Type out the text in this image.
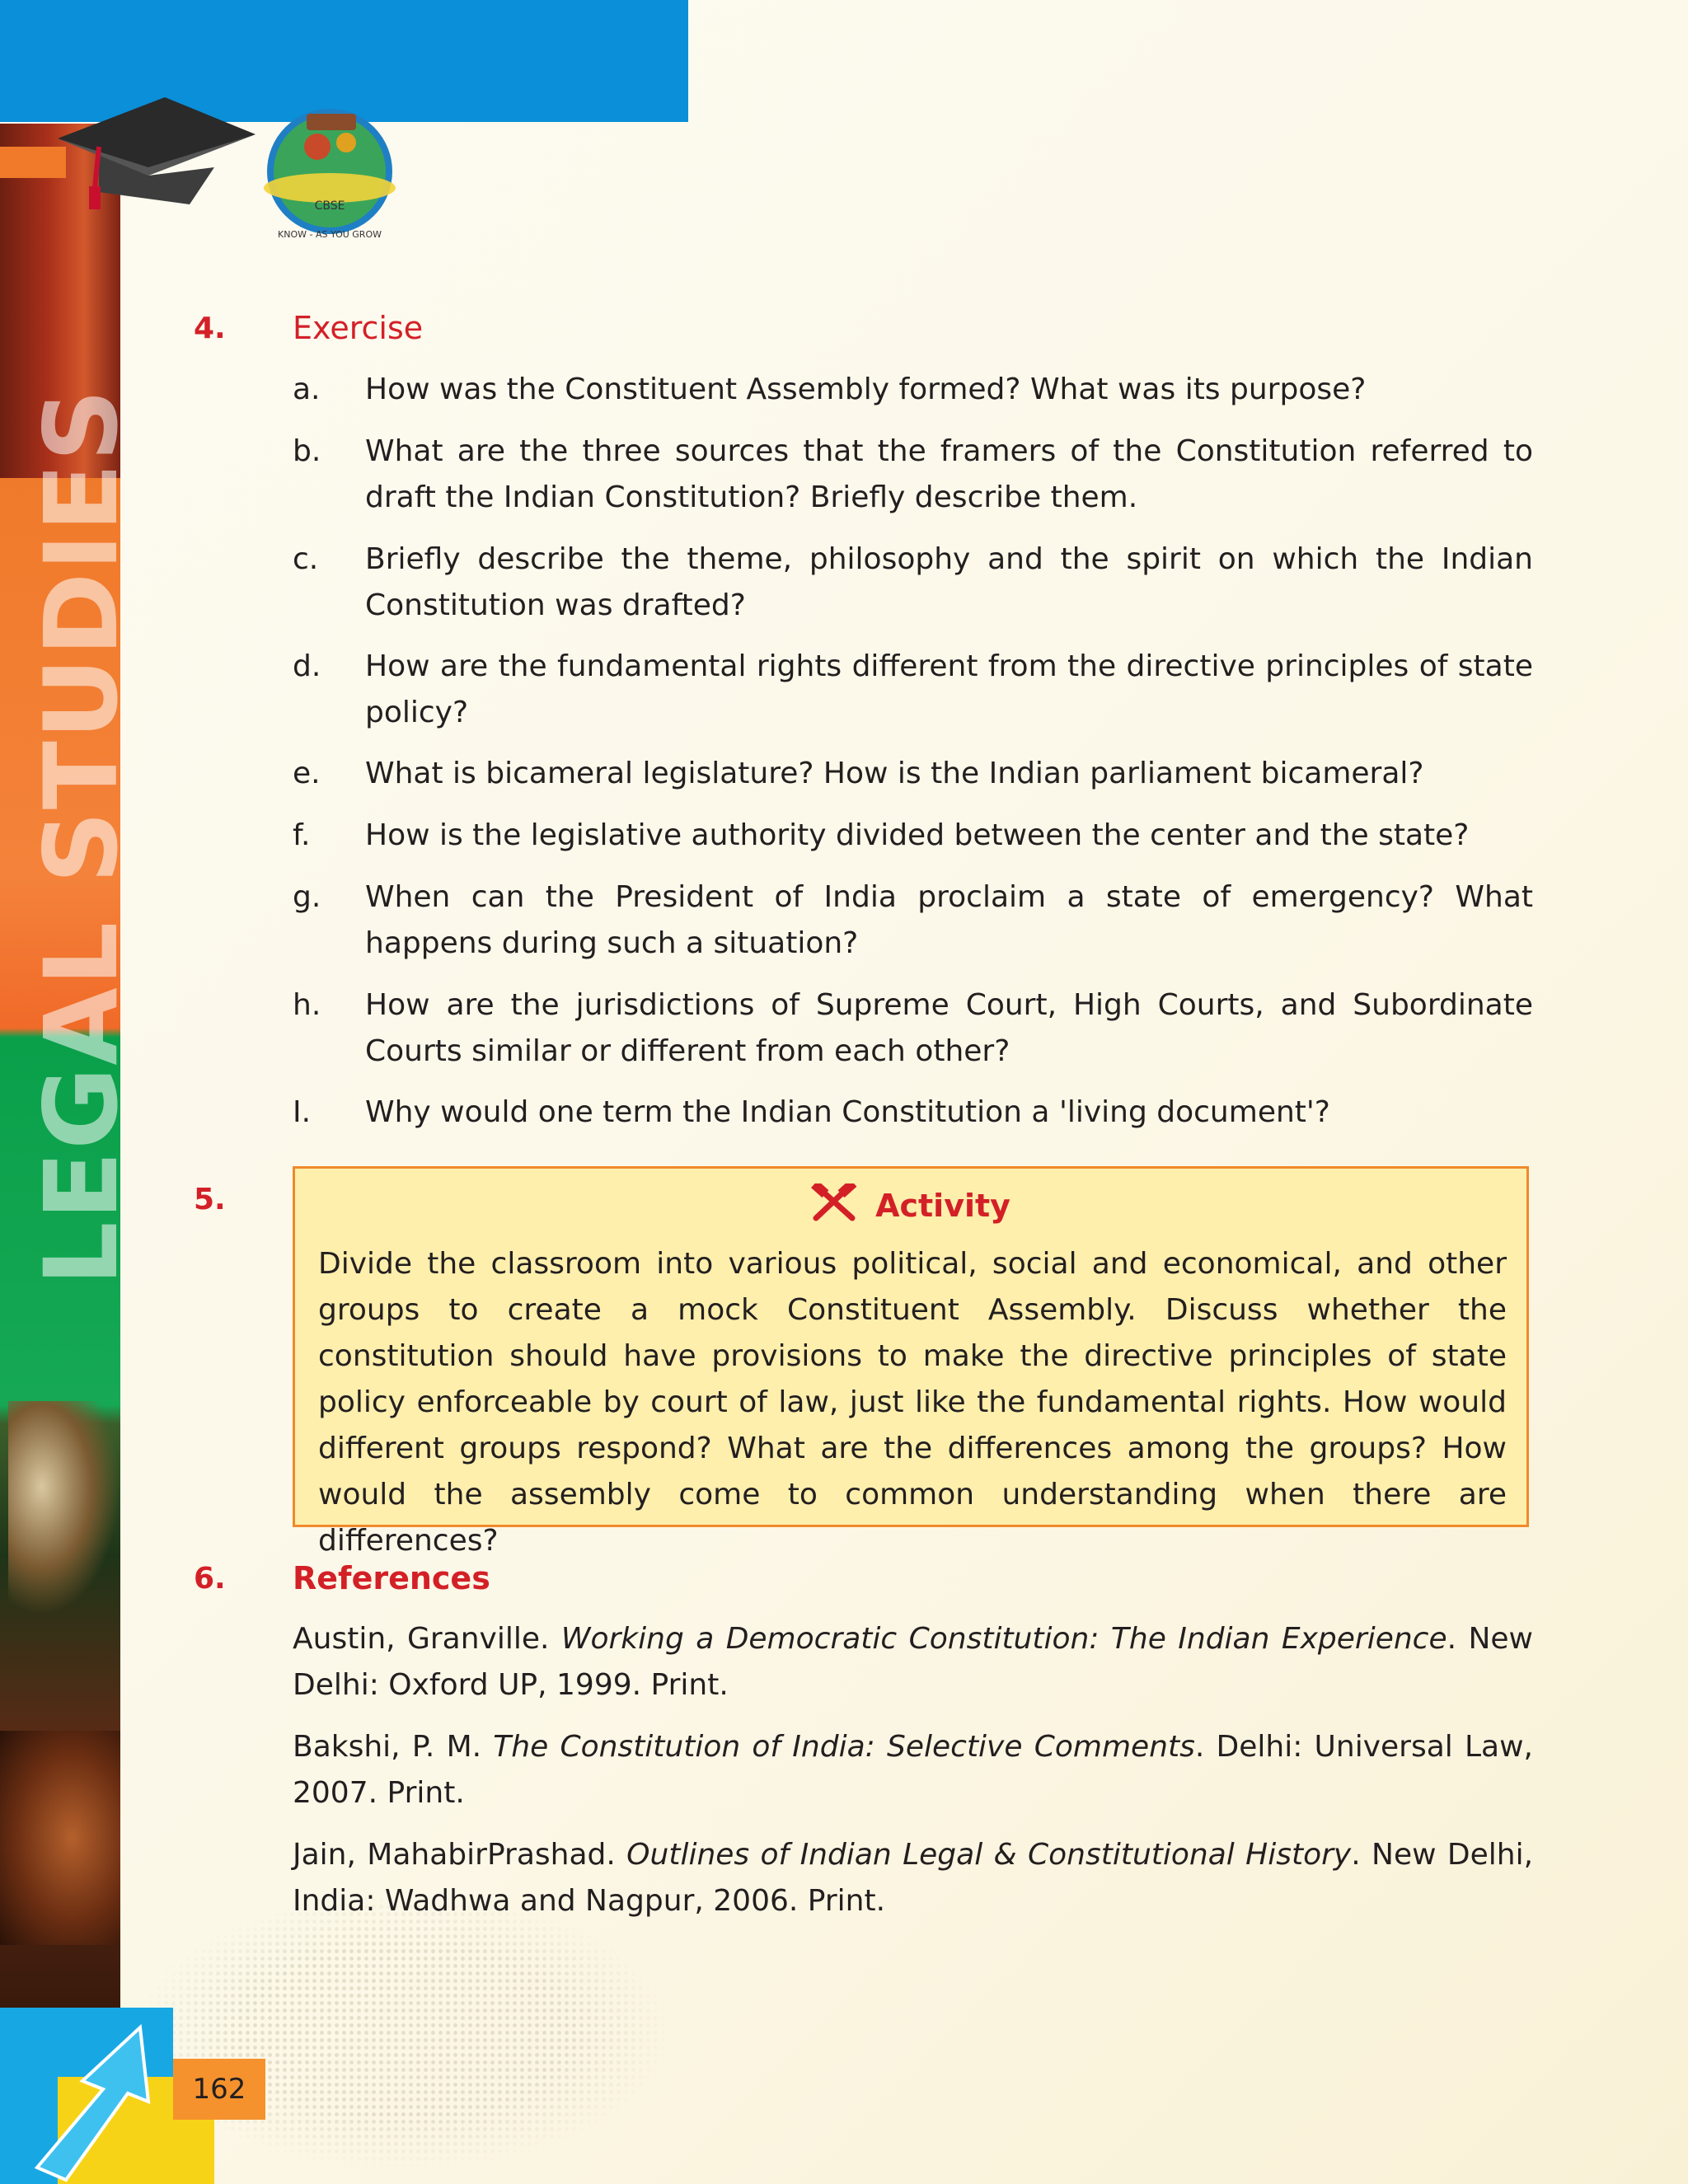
LEGAL STUDIES
CBSE
KNOW - AS YOU GROW
162
4. Exercise
a. How was the Constituent Assembly formed? What was its purpose?
b. What are the three sources that the framers of the Constitution referred to draft the Indian Constitution? Briefly describe them.
c. Briefly describe the theme, philosophy and the spirit on which the Indian Constitution was drafted?
d. How are the fundamental rights different from the directive principles of state policy?
e. What is bicameral legislature? How is the Indian parliament bicameral?
f. How is the legislative authority divided between the center and the state?
g. When can the President of India proclaim a state of emergency? What happens during such a situation?
h. How are the jurisdictions of Supreme Court, High Courts, and Subordinate Courts similar or different from each other?
I. Why would one term the Indian Constitution a 'living document'?
5.	Activity
Divide the classroom into various political, social and economical, and other groups to create a mock Constituent Assembly. Discuss whether the constitution should have provisions to make the directive principles of state policy enforceable by court of law, just like the fundamental rights. How would different groups respond? What are the differences among the groups? How would the assembly come to common understanding when there are differences?
6. References
Austin, Granville. Working a Democratic Constitution: The Indian Experience. New Delhi: Oxford UP, 1999. Print.
Bakshi, P. M. The Constitution of India: Selective Comments. Delhi: Universal Law, 2007. Print.
Jain, MahabirPrashad. Outlines of Indian Legal & Constitutional History. New Delhi, India: Wadhwa and Nagpur, 2006. Print.
